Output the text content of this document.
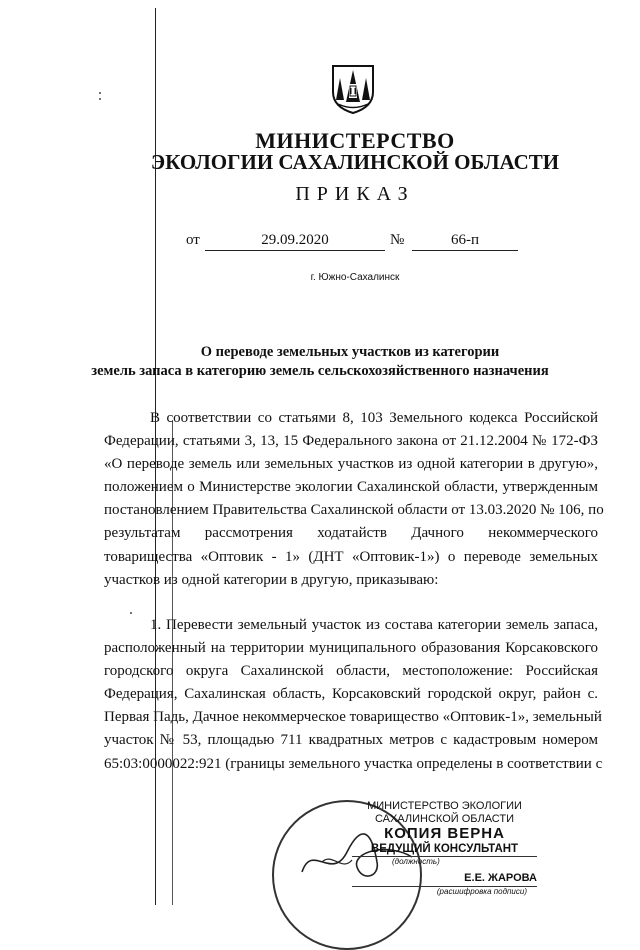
МИНИСТЕРСТВО
ЭКОЛОГИИ САХАЛИНСКОЙ ОБЛАСТИ
ПРИКАЗ
от	29.09.2020	№	66-п
г. Южно-Сахалинск
О переводе земельных участков из категории
земель запаса в категорию земель сельскохозяйственного назначения
В соответствии со статьями 8, 103 Земельного кодекса Российской
Федерации, статьями 3, 13, 15 Федерального закона от 21.12.2004 № 172-ФЗ
«О переводе земель или земельных участков из одной категории в другую»,
положением о Министерстве экологии Сахалинской области, утвержденным
постановлением Правительства Сахалинской области от 13.03.2020 № 106, по
результатам рассмотрения ходатайств Дачного некоммерческого
товарищества «Оптовик - 1» (ДНТ «Оптовик-1») о переводе земельных
участков из одной категории в другую, приказываю:
1. Перевести земельный участок из состава категории земель запаса,
расположенный на территории муниципального образования Корсаковского
городского округа Сахалинской области, местоположение: Российская
Федерация, Сахалинская область, Корсаковский городской округ, район с.
Первая Падь, Дачное некоммерческое товарищество «Оптовик-1», земельный
участок № 53, площадью 711 квадратных метров с кадастровым номером
65:03:0000022:921 (границы земельного участка определены в соответствии с
МИНИСТЕРСТВО ЭКОЛОГИИ
САХАЛИНСКОЙ ОБЛАСТИ
КОПИЯ ВЕРНА
ВЕДУЩИЙ КОНСУЛЬТАНТ
(должность)
Е.Е. ЖАРОВА
(расшифровка подписи)
